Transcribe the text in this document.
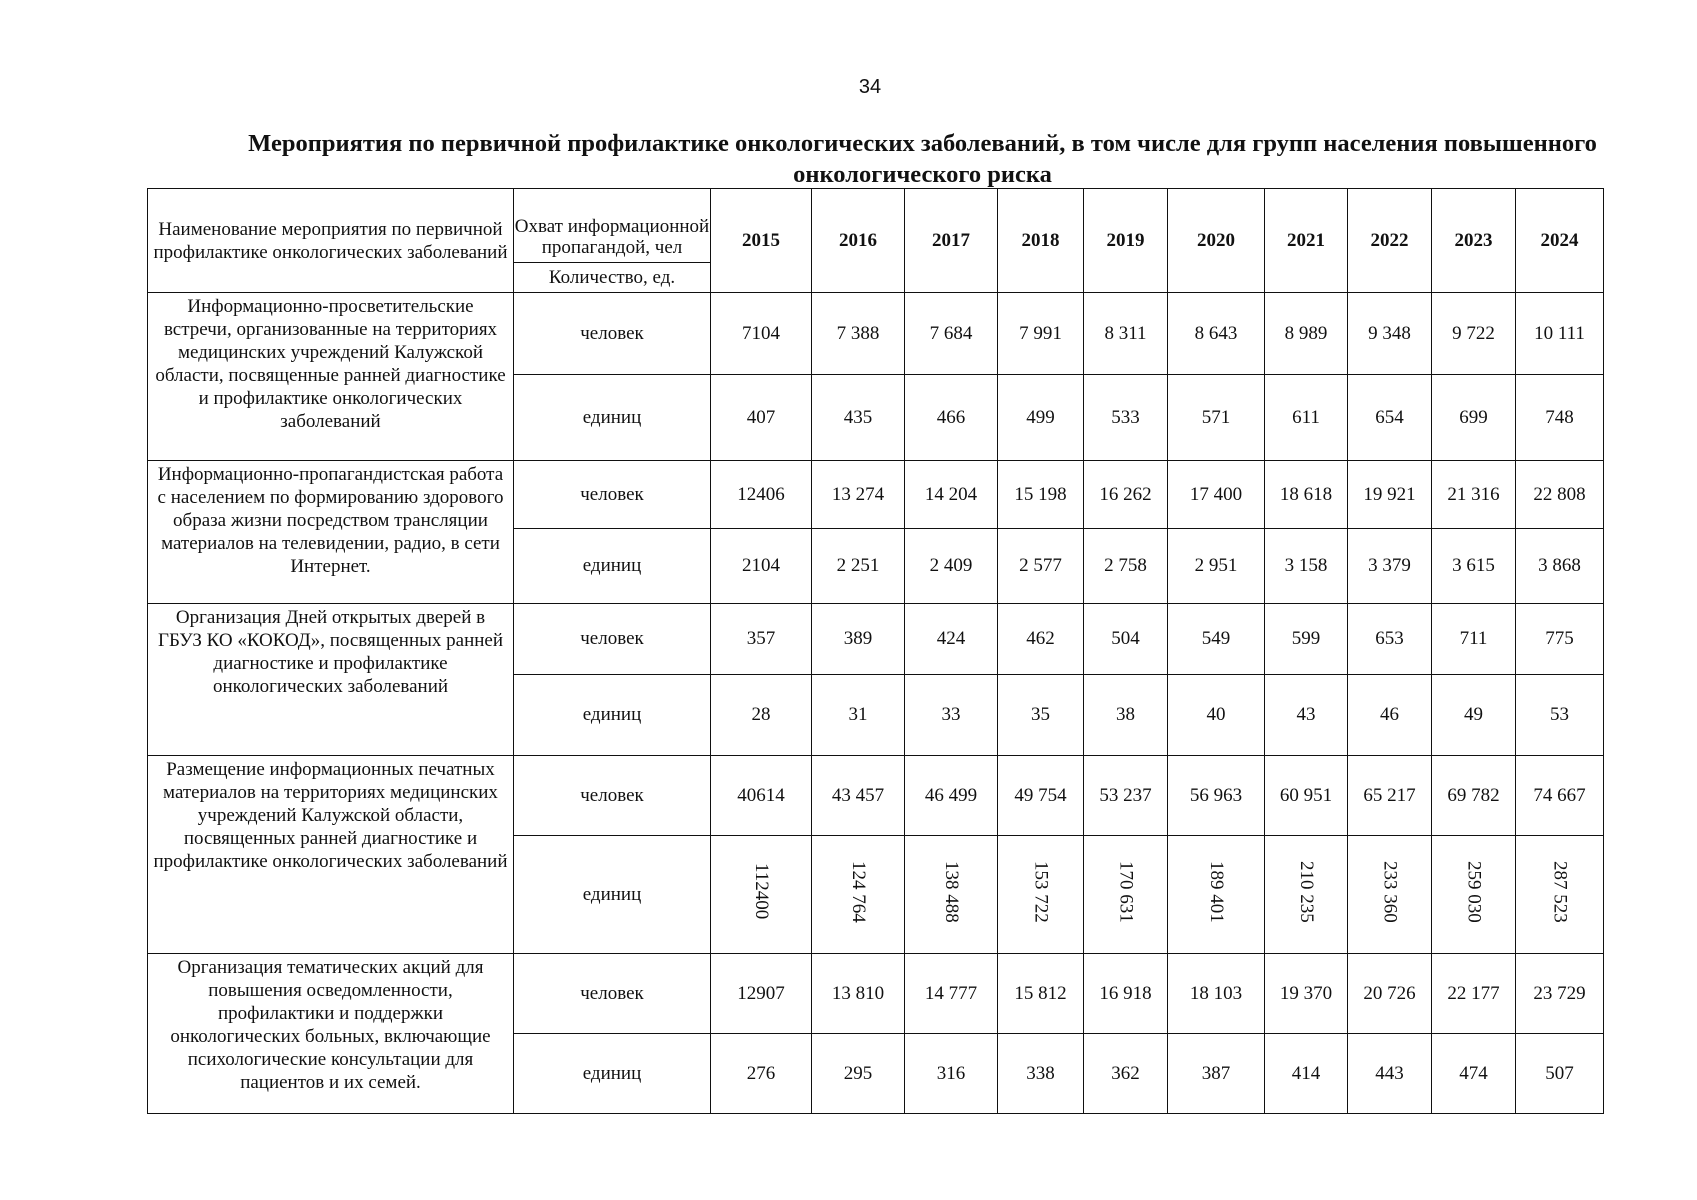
34
Мероприятия по первичной профилактике онкологических заболеваний, в том числе для групп населения повышенного онкологического риска
Наименование мероприятия по первичной профилактике онкологических заболеваний	Охват информационной пропагандой, чел	2015	2016	2017	2018	2019	2020	2021	2022	2023	2024
	Количество, ед.										
Информационно-просветительские встречи, организованные на территориях медицинских учреждений Калужской области, посвященные ранней диагностике и профилактике онкологических заболеваний	человек	7104	7 388	7 684	7 991	8 311	8 643	8 989	9 348	9 722	10 111
	единиц	407	435	466	499	533	571	611	654	699	748
Информационно-пропагандистская работа с населением по формированию здорового образа жизни посредством трансляции материалов на телевидении, радио, в сети Интернет.	человек	12406	13 274	14 204	15 198	16 262	17 400	18 618	19 921	21 316	22 808
	единиц	2104	2 251	2 409	2 577	2 758	2 951	3 158	3 379	3 615	3 868
Организация Дней открытых дверей в ГБУЗ КО «КОКОД», посвященных ранней диагностике и профилактике онкологических заболеваний	человек	357	389	424	462	504	549	599	653	711	775
	единиц	28	31	33	35	38	40	43	46	49	53
Размещение информационных печатных материалов на территориях медицинских учреждений Калужской области, посвященных ранней диагностике и профилактике онкологических заболеваний	человек	40614	43 457	46 499	49 754	53 237	56 963	60 951	65 217	69 782	74 667
	единиц	112400	124 764	138 488	153 722	170 631	189 401	210 235	233 360	259 030	287 523
Организация тематических акций для повышения осведомленности, профилактики и поддержки онкологических больных, включающие психологические консультации для пациентов и их семей.	человек	12907	13 810	14 777	15 812	16 918	18 103	19 370	20 726	22 177	23 729
	единиц	276	295	316	338	362	387	414	443	474	507
